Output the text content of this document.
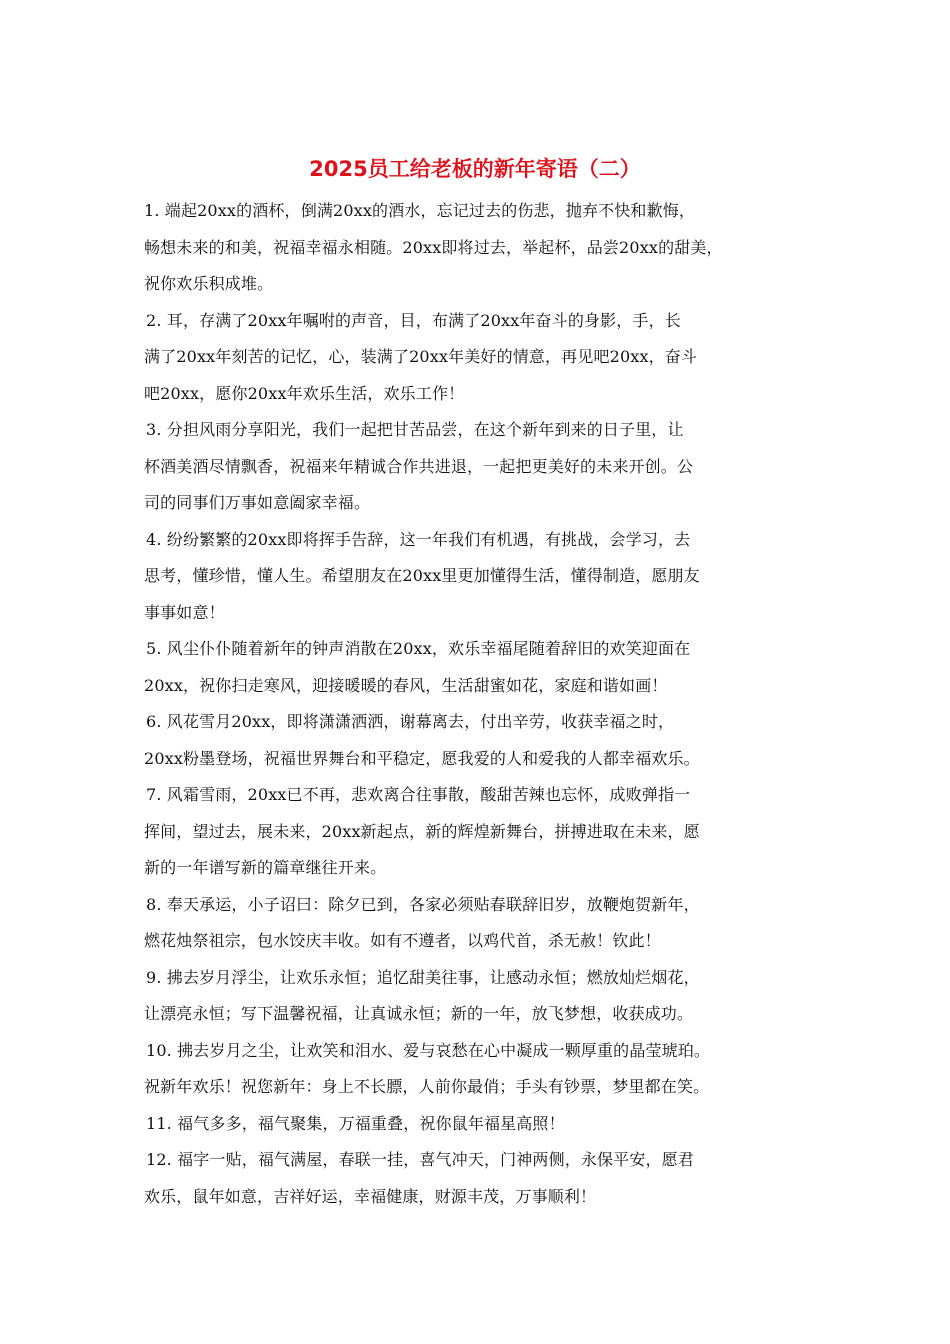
2025员工给老板的新年寄语（二）

1. 端起20xx的酒杯，倒满20xx的酒水，忘记过去的伤悲，抛弃不快和歉悔，
畅想未来的和美，祝福幸福永相随。20xx即将过去，举起杯，品尝20xx的甜美，
祝你欢乐积成堆。

2. 耳，存满了20xx年嘱咐的声音，目，布满了20xx年奋斗的身影，手，长
满了20xx年刻苦的记忆，心，装满了20xx年美好的情意，再见吧20xx，奋斗
吧20xx，愿你20xx年欢乐生活，欢乐工作！

3. 分担风雨分享阳光，我们一起把甘苦品尝，在这个新年到来的日子里，让
杯酒美酒尽情飘香，祝福来年精诚合作共进退，一起把更美好的未来开创。公
司的同事们万事如意阖家幸福。

4. 纷纷繁繁的20xx即将挥手告辞，这一年我们有机遇，有挑战，会学习，去
思考，懂珍惜，懂人生。希望朋友在20xx里更加懂得生活，懂得制造，愿朋友
事事如意！

5. 风尘仆仆随着新年的钟声消散在20xx，欢乐幸福尾随着辞旧的欢笑迎面在
20xx，祝你扫走寒风，迎接暖暖的春风，生活甜蜜如花，家庭和谐如画！

6. 风花雪月20xx，即将潇潇洒洒，谢幕离去，付出辛劳，收获幸福之时，
20xx粉墨登场，祝福世界舞台和平稳定，愿我爱的人和爱我的人都幸福欢乐。

7. 风霜雪雨，20xx已不再，悲欢离合往事散，酸甜苦辣也忘怀，成败弹指一
挥间，望过去，展未来，20xx新起点，新的辉煌新舞台，拼搏进取在未来，愿
新的一年谱写新的篇章继往开来。

8. 奉天承运，小子诏曰：除夕已到，各家必须贴春联辞旧岁，放鞭炮贺新年，
燃花烛祭祖宗，包水饺庆丰收。如有不遵者，以鸡代首，杀无赦！钦此！

9. 拂去岁月浮尘，让欢乐永恒；追忆甜美往事，让感动永恒；燃放灿烂烟花，
让漂亮永恒；写下温馨祝福，让真诚永恒；新的一年，放飞梦想，收获成功。

10. 拂去岁月之尘，让欢笑和泪水、爱与哀愁在心中凝成一颗厚重的晶莹琥珀。
祝新年欢乐！祝您新年：身上不长膘，人前你最俏；手头有钞票，梦里都在笑。

11. 福气多多，福气聚集，万福重叠，祝你鼠年福星高照！

12. 福字一贴，福气满屋，春联一挂，喜气冲天，门神两侧，永保平安，愿君
欢乐，鼠年如意，吉祥好运，幸福健康，财源丰茂，万事顺利！
